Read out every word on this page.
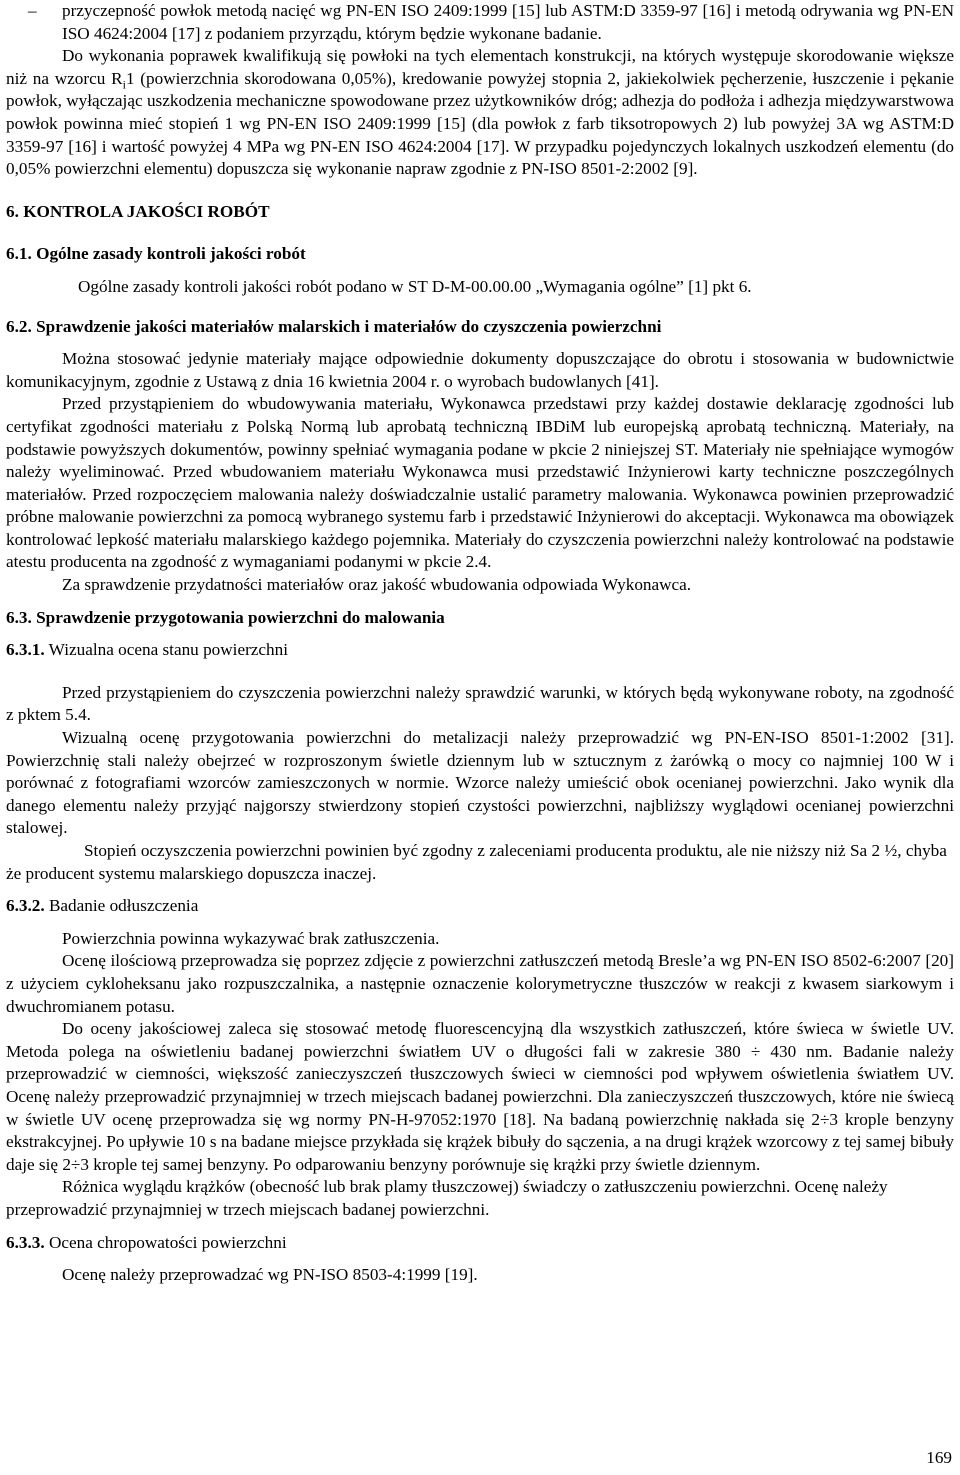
– przyczepność powłok metodą nacięć wg PN-EN ISO 2409:1999 [15] lub ASTM:D 3359-97 [16] i metodą odrywania wg PN-EN ISO 4624:2004 [17] z podaniem przyrządu, którym będzie wykonane badanie.

Do wykonania poprawek kwalifikują się powłoki na tych elementach konstrukcji, na których występuje skorodowanie większe niż na wzorcu $R_i1$ (powierzchnia skorodowana 0,05%), kredowanie powyżej stopnia 2, jakiekolwiek pęcherzenie, łuszczenie i pękanie powłok, wyłączając uszkodzenia mechaniczne spowodowane przez użytkowników dróg; adhezja do podłoża i adhezja międzywarstwowa powłok powinna mieć stopień 1 wg PN-EN ISO 2409:1999 [15] (dla powłok z farb tiksotropowych 2) lub powyżej 3A wg ASTM:D 3359-97 [16] i wartość powyżej 4 MPa wg PN-EN ISO 4624:2004 [17]. W przypadku pojedynczych lokalnych uszkodzeń elementu (do 0,05% powierzchni elementu) dopuszcza się wykonanie napraw zgodnie z PN-ISO 8501-2:2002 [9].

6. KONTROLA JAKOŚCI ROBÓT

6.1. Ogólne zasady kontroli jakości robót

Ogólne zasady kontroli jakości robót podano w ST D-M-00.00.00 „Wymagania ogólne” [1] pkt 6.

6.2. Sprawdzenie jakości materiałów malarskich i materiałów do czyszczenia powierzchni

Można stosować jedynie materiały mające odpowiednie dokumenty dopuszczające do obrotu i stosowania w budownictwie komunikacyjnym, zgodnie z Ustawą z dnia 16 kwietnia 2004 r. o wyrobach budowlanych [41].

Przed przystąpieniem do wbudowywania materiału, Wykonawca przedstawi przy każdej dostawie deklarację zgodności lub certyfikat zgodności materiału z Polską Normą lub aprobatą techniczną IBDiM lub europejską aprobatą techniczną. Materiały, na podstawie powyższych dokumentów, powinny spełniać wymagania podane w pkcie 2 niniejszej ST. Materiały nie spełniające wymogów należy wyeliminować. Przed wbudowaniem materiału Wykonawca musi przedstawić Inżynierowi karty techniczne poszczególnych materiałów. Przed rozpoczęciem malowania należy doświadczalnie ustalić parametry malowania. Wykonawca powinien przeprowadzić próbne malowanie powierzchni za pomocą wybranego systemu farb i przedstawić Inżynierowi do akceptacji. Wykonawca ma obowiązek kontrolować lepkość materiału malarskiego każdego pojemnika. Materiały do czyszczenia powierzchni należy kontrolować na podstawie atestu producenta na zgodność z wymaganiami podanymi w pkcie 2.4.

Za sprawdzenie przydatności materiałów oraz jakość wbudowania odpowiada Wykonawca.

6.3. Sprawdzenie przygotowania powierzchni do malowania

6.3.1. Wizualna ocena stanu powierzchni

Przed przystąpieniem do czyszczenia powierzchni należy sprawdzić warunki, w których będą wykonywane roboty, na zgodność z pktem 5.4.

Wizualną ocenę przygotowania powierzchni do metalizacji należy przeprowadzić wg PN-EN-ISO 8501-1:2002 [31]. Powierzchnię stali należy obejrzeć w rozproszonym świetle dziennym lub w sztucznym z żarówką o mocy co najmniej 100 W i porównać z fotografiami wzorców zamieszczonych w normie. Wzorce należy umieścić obok ocenianej powierzchni. Jako wynik dla danego elementu należy przyjąć najgorszy stwierdzony stopień czystości powierzchni, najbliższy wyglądowi ocenianej powierzchni stalowej.

Stopień oczyszczenia powierzchni powinien być zgodny z zaleceniami producenta produktu, ale nie niższy niż Sa 2 ½, chyba że producent systemu malarskiego dopuszcza inaczej.

6.3.2. Badanie odłuszczenia

Powierzchnia powinna wykazywać brak zatłuszczenia.

Ocenę ilościową przeprowadza się poprzez zdjęcie z powierzchni zatłuszczeń metodą Bresle’a wg PN-EN ISO 8502-6:2007 [20] z użyciem cykloheksanu jako rozpuszczalnika, a następnie oznaczenie kolorymetryczne tłuszczów w reakcji z kwasem siarkowym i dwuchromianem potasu.

Do oceny jakościowej zaleca się stosować metodę fluorescencyjną dla wszystkich zatłuszczeń, które świeca w świetle UV. Metoda polega na oświetleniu badanej powierzchni światłem UV o długości fali w zakresie 380 ÷ 430 nm. Badanie należy przeprowadzić w ciemności, większość zanieczyszczeń tłuszczowych świeci w ciemności pod wpływem oświetlenia światłem UV. Ocenę należy przeprowadzić przynajmniej w trzech miejscach badanej powierzchni. Dla zanieczyszczeń tłuszczowych, które nie świecą w świetle UV ocenę przeprowadza się wg normy PN-H-97052:1970 [18]. Na badaną powierzchnię nakłada się 2÷3 krople benzyny ekstrakcyjnej. Po upływie 10 s na badane miejsce przykłada się krążek bibuły do sączenia, a na drugi krążek wzorcowy z tej samej bibuły daje się 2÷3 krople tej samej benzyny. Po odparowaniu benzyny porównuje się krążki przy świetle dziennym.

Różnica wyglądu krążków (obecność lub brak plamy tłuszczowej) świadczy o zatłuszczeniu powierzchni. Ocenę należy przeprowadzić przynajmniej w trzech miejscach badanej powierzchni.

6.3.3. Ocena chropowatości powierzchni

Ocenę należy przeprowadzać wg PN-ISO 8503-4:1999 [19].

169
